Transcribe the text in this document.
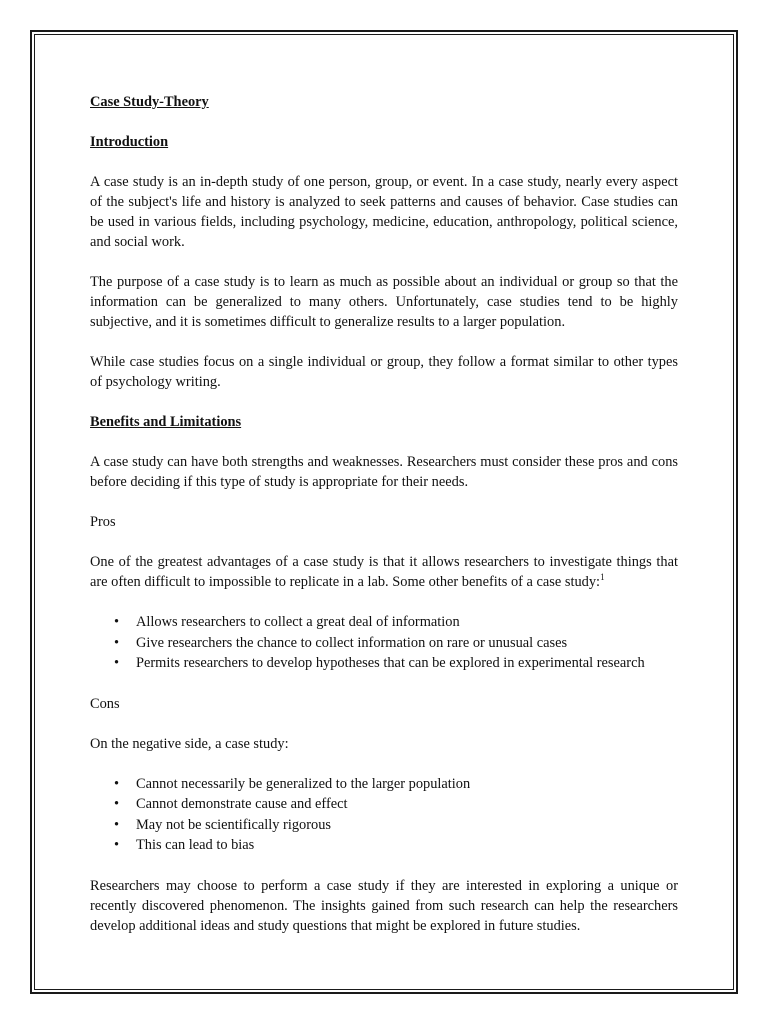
Case Study-Theory
Introduction

A case study is an in-depth study of one person, group, or event. In a case study, nearly every aspect of the subject's life and history is analyzed to seek patterns and causes of behavior. Case studies can be used in various fields, including psychology, medicine, education, anthropology, political science, and social work.

The purpose of a case study is to learn as much as possible about an individual or group so that the information can be generalized to many others. Unfortunately, case studies tend to be highly subjective, and it is sometimes difficult to generalize results to a larger population.

While case studies focus on a single individual or group, they follow a format similar to other types of psychology writing.

Benefits and Limitations

A case study can have both strengths and weaknesses. Researchers must consider these pros and cons before deciding if this type of study is appropriate for their needs.

Pros

One of the greatest advantages of a case study is that it allows researchers to investigate things that are often difficult to impossible to replicate in a lab. Some other benefits of a case study:$^1$

• Allows researchers to collect a great deal of information
• Give researchers the chance to collect information on rare or unusual cases
• Permits researchers to develop hypotheses that can be explored in experimental research
Cons

On the negative side, a case study:

• Cannot necessarily be generalized to the larger population
• Cannot demonstrate cause and effect
• May not be scientifically rigorous
• This can lead to bias

Researchers may choose to perform a case study if they are interested in exploring a unique or recently discovered phenomenon. The insights gained from such research can help the researchers develop additional ideas and study questions that might be explored in future studies.
